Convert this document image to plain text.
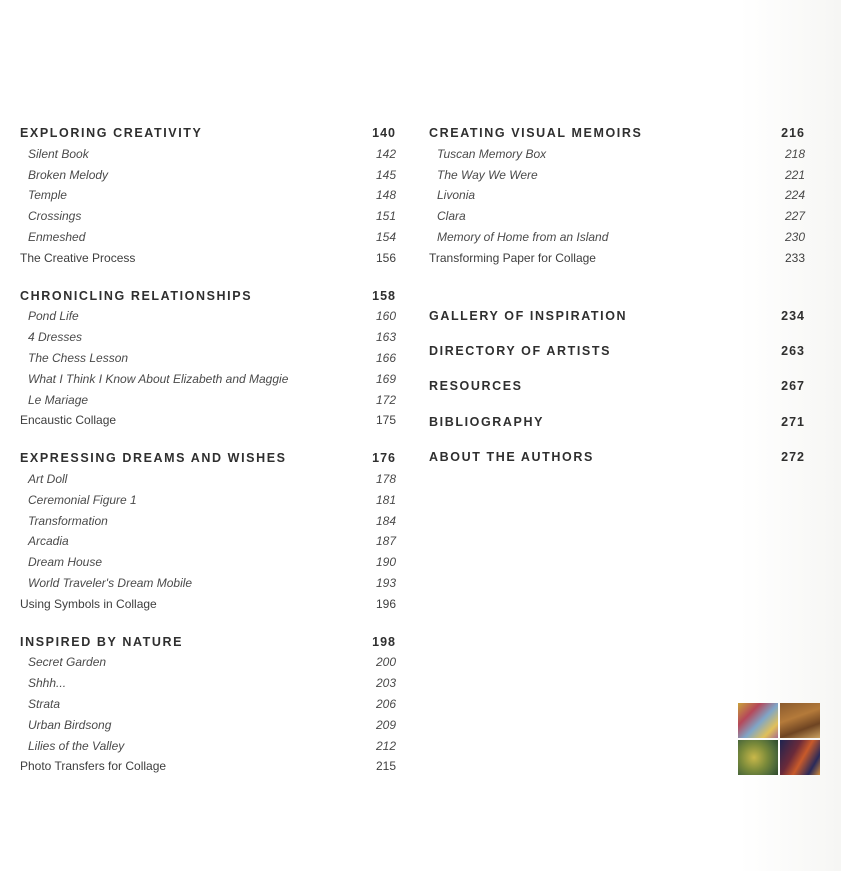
EXPLORING CREATIVITY	140
Silent Book	142
Broken Melody	145
Temple	148
Crossings	151
Enmeshed	154
The Creative Process	156
CHRONICLING RELATIONSHIPS	158
Pond Life	160
4 Dresses	163
The Chess Lesson	166
What I Think I Know About Elizabeth and Maggie	169
Le Mariage	172
Encaustic Collage	175
EXPRESSING DREAMS AND WISHES	176
Art Doll	178
Ceremonial Figure 1	181
Transformation	184
Arcadia	187
Dream House	190
World Traveler's Dream Mobile	193
Using Symbols in Collage	196
INSPIRED BY NATURE	198
Secret Garden	200
Shhh...	203
Strata	206
Urban Birdsong	209
Lilies of the Valley	212
Photo Transfers for Collage	215
CREATING VISUAL MEMOIRS	216
Tuscan Memory Box	218
The Way We Were	221
Livonia	224
Clara	227
Memory of Home from an Island	230
Transforming Paper for Collage	233
GALLERY OF INSPIRATION	234
DIRECTORY OF ARTISTS	263
RESOURCES	267
BIBLIOGRAPHY	271
ABOUT THE AUTHORS	272
